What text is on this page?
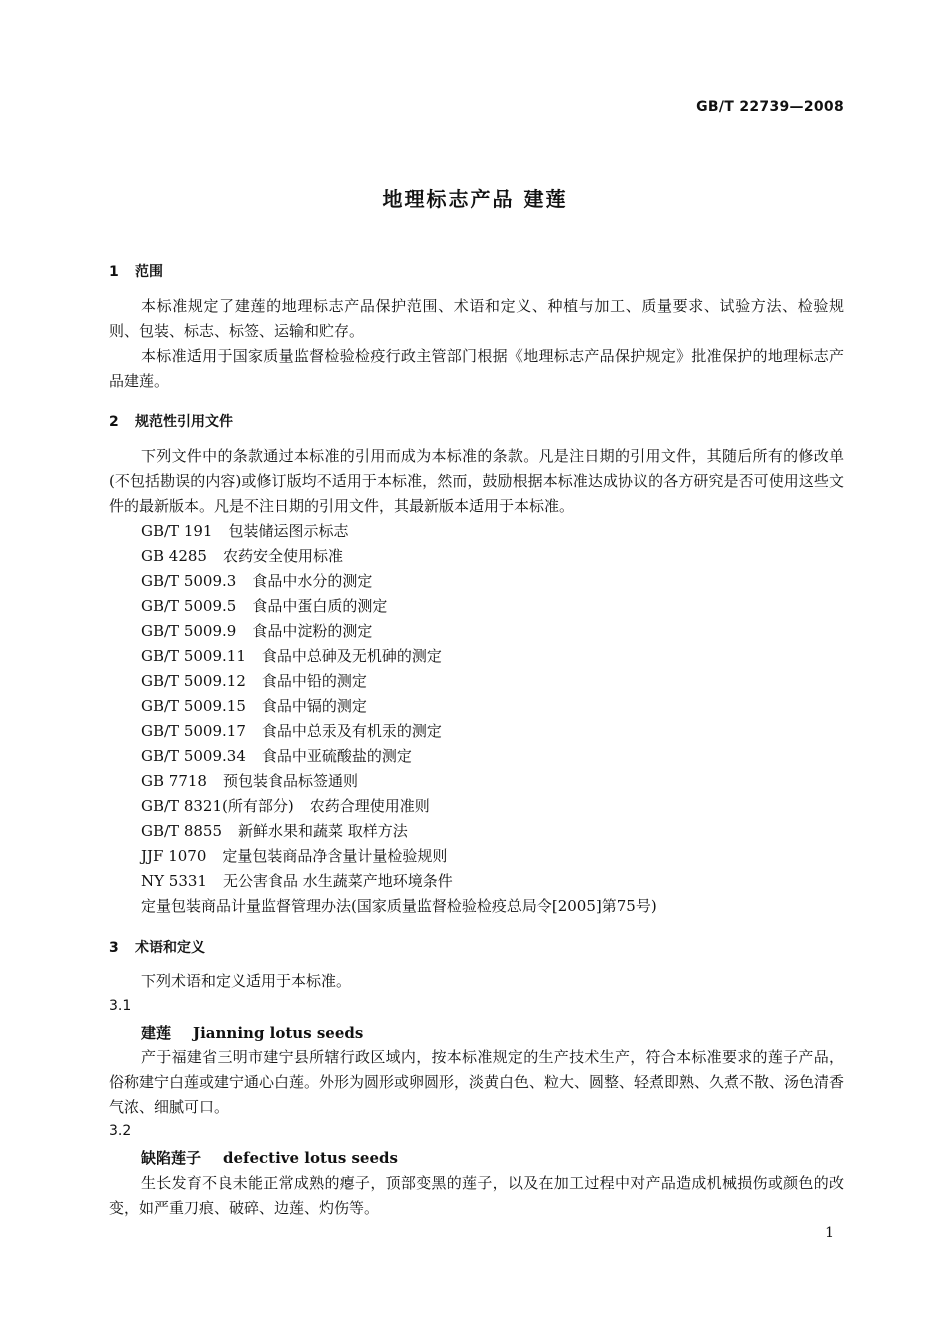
GB/T 22739—2008
地理标志产品 建莲
1 范围

本标准规定了建莲的地理标志产品保护范围、术语和定义、种植与加工、质量要求、试验方法、检验规则、包装、标志、标签、运输和贮存。

本标准适用于国家质量监督检验检疫行政主管部门根据《地理标志产品保护规定》批准保护的地理标志产品建莲。

2 规范性引用文件

下列文件中的条款通过本标准的引用而成为本标准的条款。凡是注日期的引用文件，其随后所有的修改单(不包括勘误的内容)或修订版均不适用于本标准，然而，鼓励根据本标准达成协议的各方研究是否可使用这些文件的最新版本。凡是不注日期的引用文件，其最新版本适用于本标准。

GB/T 191 包装储运图示标志
GB 4285 农药安全使用标准
GB/T 5009.3 食品中水分的测定
GB/T 5009.5 食品中蛋白质的测定
GB/T 5009.9 食品中淀粉的测定
GB/T 5009.11 食品中总砷及无机砷的测定
GB/T 5009.12 食品中铅的测定
GB/T 5009.15 食品中镉的测定
GB/T 5009.17 食品中总汞及有机汞的测定
GB/T 5009.34 食品中亚硫酸盐的测定
GB 7718 预包装食品标签通则
GB/T 8321(所有部分) 农药合理使用准则
GB/T 8855 新鲜水果和蔬菜 取样方法
JJF 1070 定量包装商品净含量计量检验规则
NY 5331 无公害食品 水生蔬菜产地环境条件
定量包装商品计量监督管理办法(国家质量监督检验检疫总局令[2005]第75号)
3 术语和定义
下列术语和定义适用于本标准。
3.1
建莲 Jianning lotus seeds

产于福建省三明市建宁县所辖行政区域内，按本标准规定的生产技术生产，符合本标准要求的莲子产品，俗称建宁白莲或建宁通心白莲。外形为圆形或卵圆形，淡黄白色、粒大、圆整、轻煮即熟、久煮不散、汤色清香气浓、细腻可口。

3.2
缺陷莲子 defective lotus seeds

生长发育不良未能正常成熟的瘪子，顶部变黑的莲子，以及在加工过程中对产品造成机械损伤或颜色的改变，如严重刀痕、破碎、边莲、灼伤等。

1
